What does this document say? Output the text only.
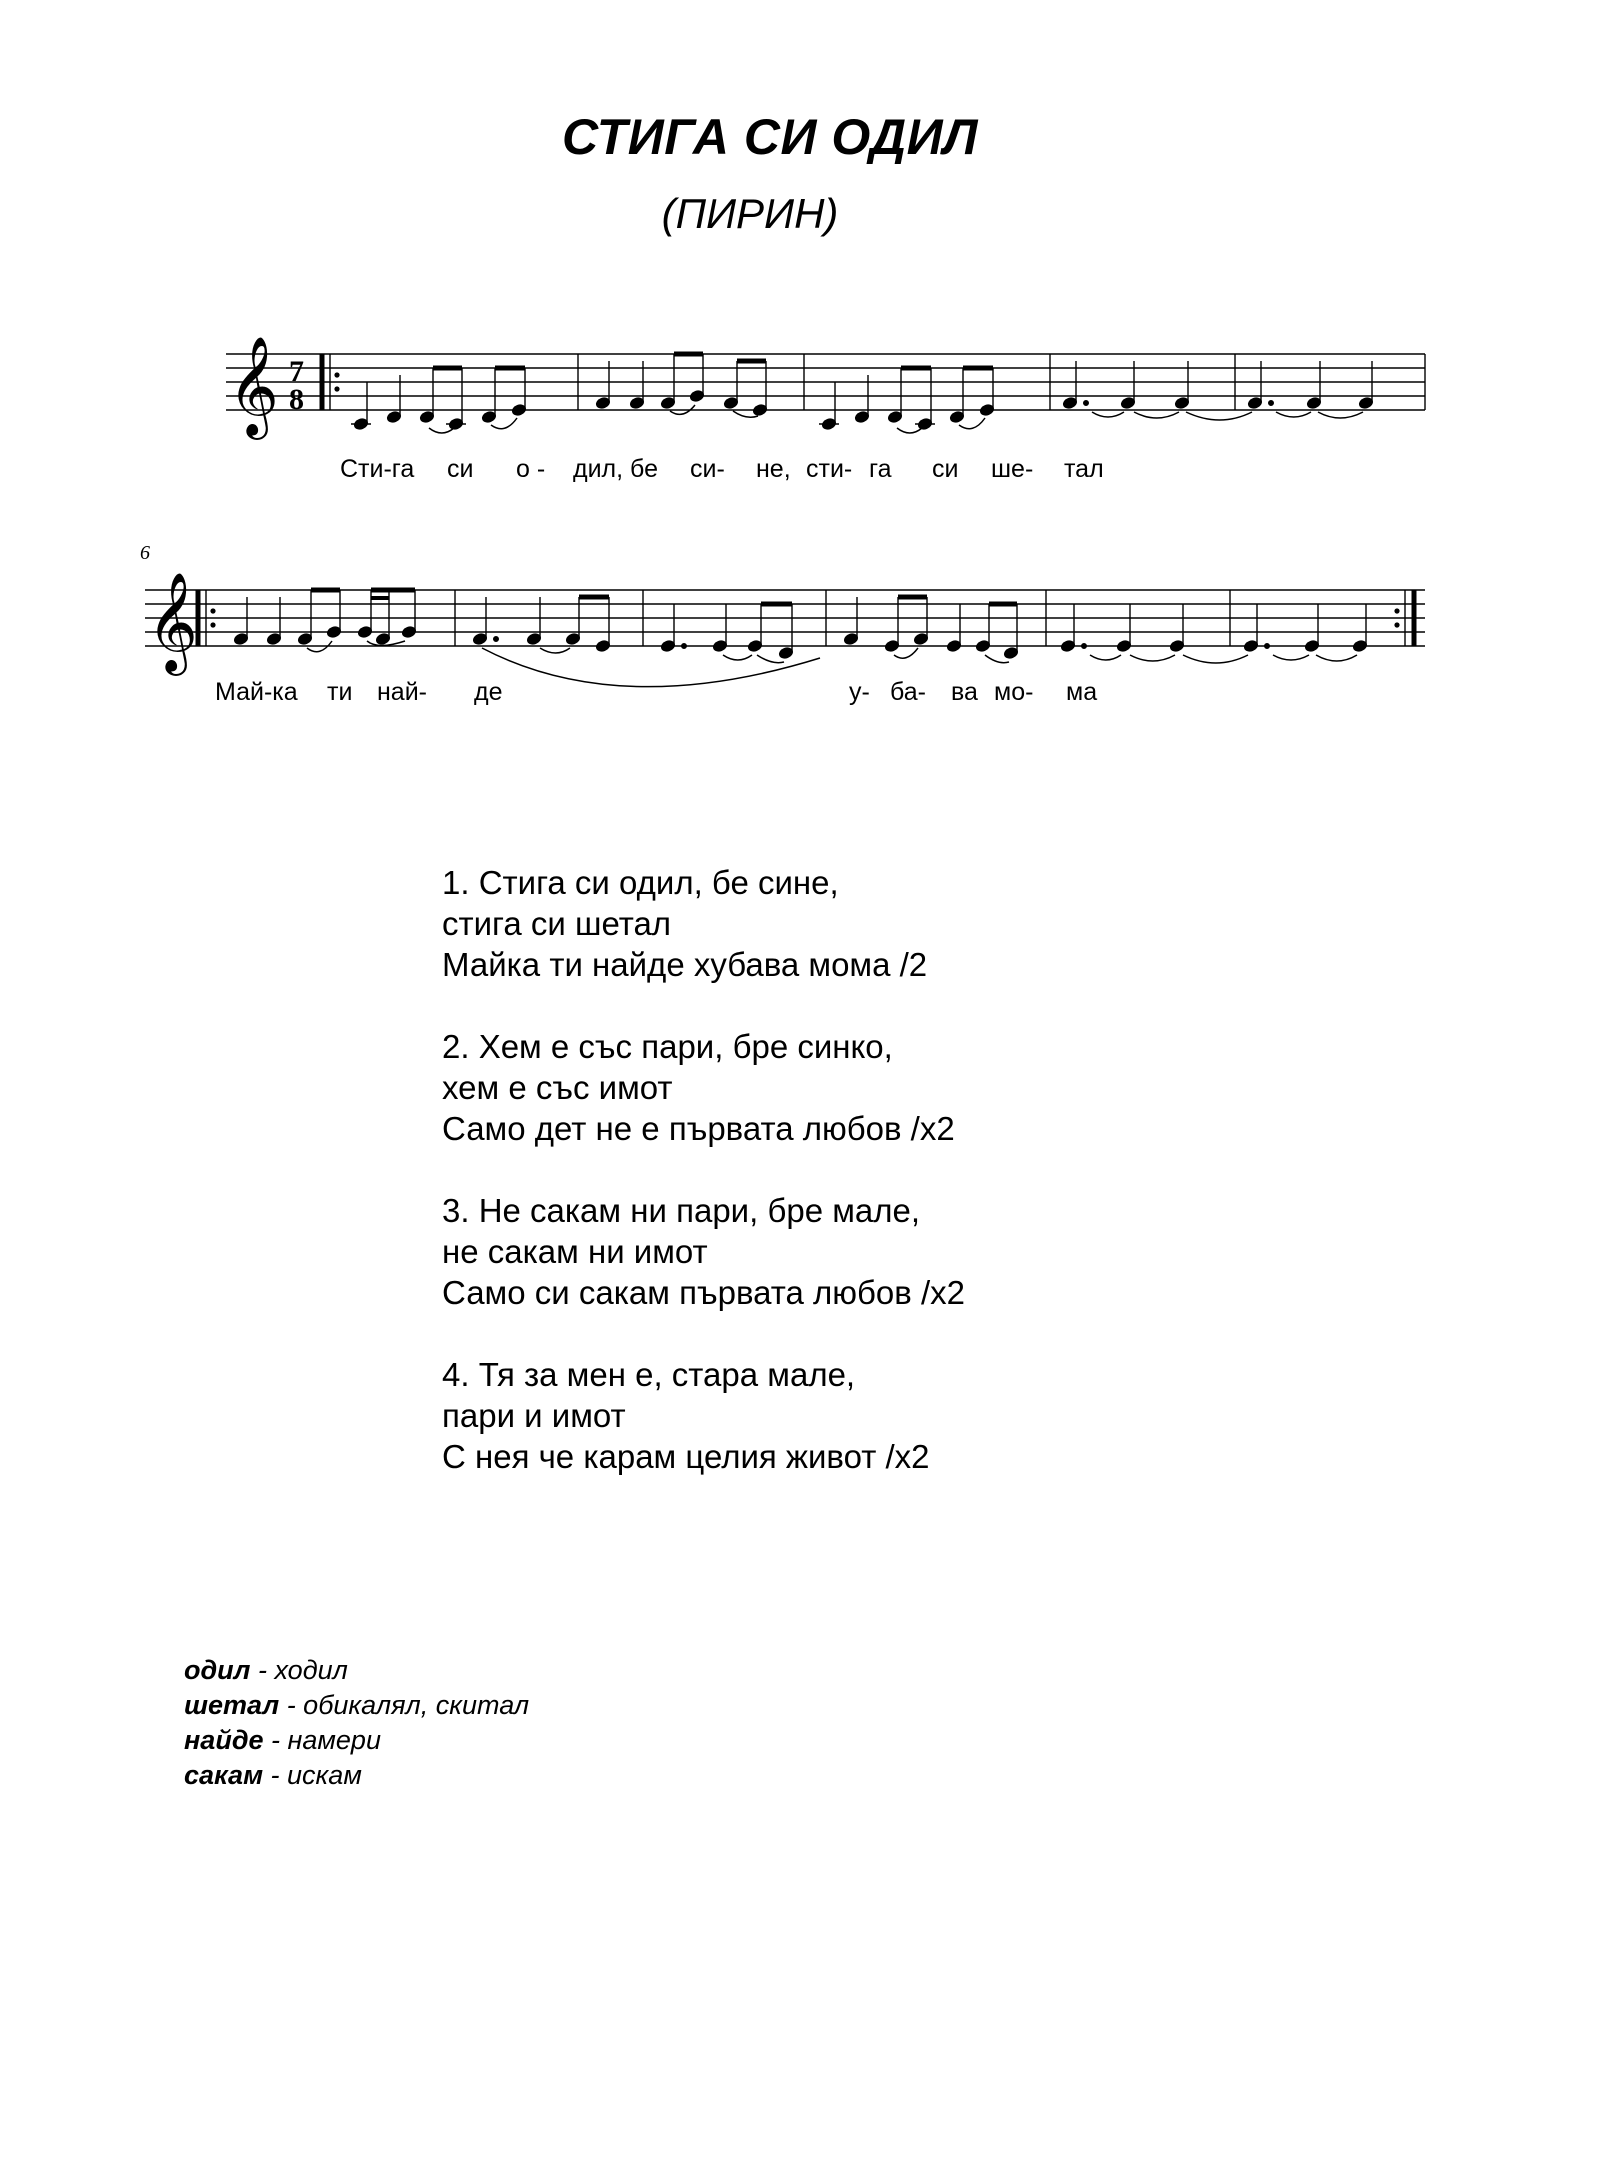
СТИГА СИ ОДИЛ
(ПИРИН)
𝄞 7
8
𝄞
6
Сти-га си о - дил, бе си- не, сти- га си ше- тал
Май-ка ти най- де	у- ба- ва мо- ма
1. Стига си одил, бе сине,
стига си шетал
Майка ти найде хубава мома /2
2. Хем е със пари, бре синко,
хем е със имот
Само дет не е първата любов /x2
3. Не сакам ни пари, бре мале,
не сакам ни имот
Само си сакам първата любов /x2
4. Тя за мен е, стара мале,
пари и имот
С нея че карам целия живот /x2
одил - ходил
шетал - обикалял, скитал
найде - намери
сакам - искам
